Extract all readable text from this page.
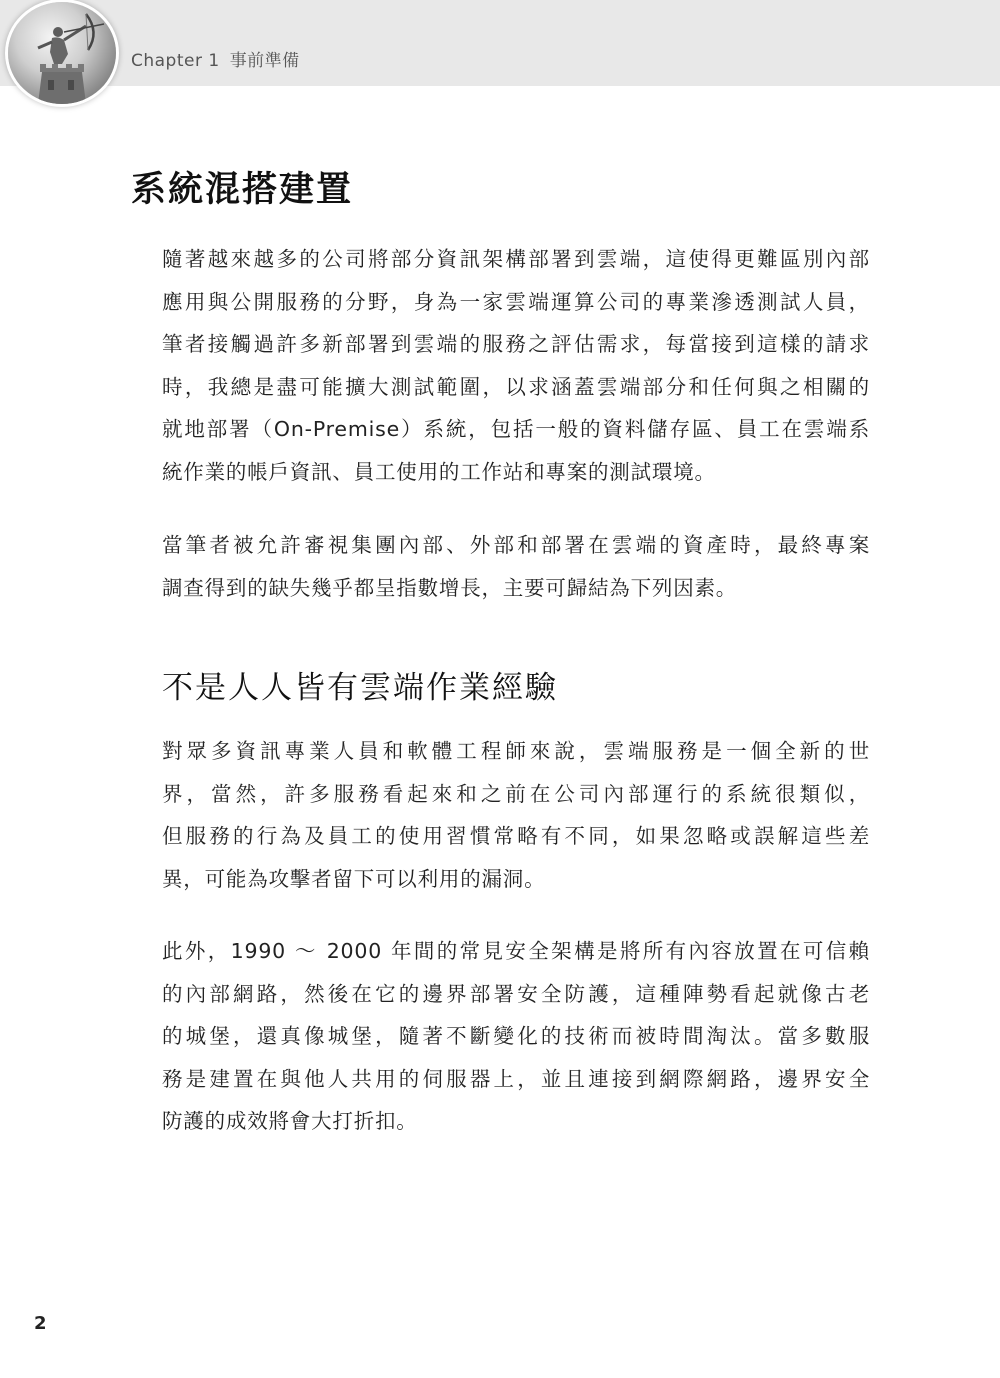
Chapter 1 事前準備
系統混搭建置

隨著越來越多的公司將部分資訊架構部署到雲端，這使得更難區別內部
應用與公開服務的分野，身為一家雲端運算公司的專業滲透測試人員，
筆者接觸過許多新部署到雲端的服務之評估需求，每當接到這樣的請求
時，我總是盡可能擴大測試範圍，以求涵蓋雲端部分和任何與之相關的
就地部署（On-Premise）系統，包括一般的資料儲存區、員工在雲端系
統作業的帳戶資訊、員工使用的工作站和專案的測試環境。

當筆者被允許審視集團內部、外部和部署在雲端的資產時，最終專案
調查得到的缺失幾乎都呈指數增長，主要可歸結為下列因素。

不是人人皆有雲端作業經驗

對眾多資訊專業人員和軟體工程師來說，雲端服務是一個全新的世
界，當然，許多服務看起來和之前在公司內部運行的系統很類似，
但服務的行為及員工的使用習慣常略有不同，如果忽略或誤解這些差
異，可能為攻擊者留下可以利用的漏洞。

此外，1990 ～ 2000 年間的常見安全架構是將所有內容放置在可信賴
的內部網路，然後在它的邊界部署安全防護，這種陣勢看起就像古老
的城堡，還真像城堡，隨著不斷變化的技術而被時間淘汰。當多數服
務是建置在與他人共用的伺服器上，並且連接到網際網路，邊界安全
防護的成效將會大打折扣。

2
